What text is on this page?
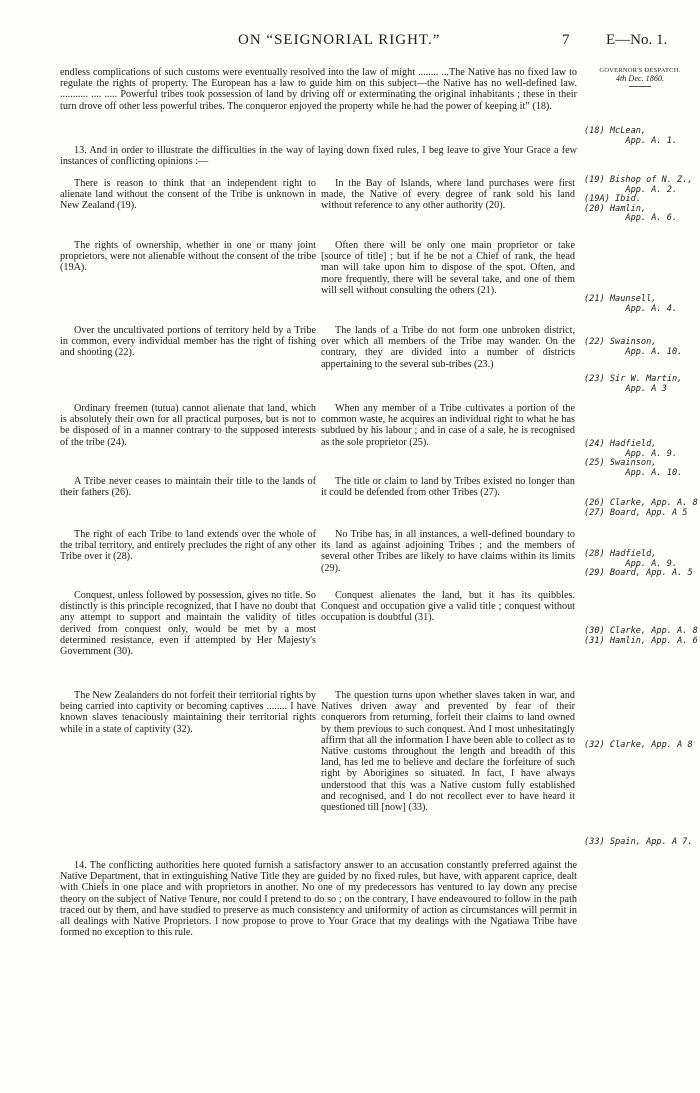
ON “SEIGNORIAL RIGHT.”	7 E—No. 1.
GOVERNOR'S DESPATCH.
4th Dec. 1860.

endless complications of such customs were eventually resolved into the law of might ........ ...The Native has no fixed law to regulate the rights of property. The European has a law to guide him on this subject—the Native has no well-defined law. ........... .... ..... Powerful tribes took possession of land by driving off or exterminating the original inhabitants ; these in their turn drove off other less powerful tribes. The conqueror enjoyed the property while he had the power of keeping it” (18).

13. And in order to illustrate the difficulties in the way of laying down fixed rules, I beg leave to give Your Grace a few instances of conflicting opinions :—

There is reason to think that an independent right to alienate land without the consent of the Tribe is unknown in New Zealand (19).

In the Bay of Islands, where land purchases were first made, the Native of every degree of rank sold his land without reference to any other authority (20).

The rights of ownership, whether in one or many joint proprietors, were not alienable without the consent of the tribe (19A).

Often there will be only one main proprietor or take [source of title] ; but if he be not a Chief of rank, the head man will take upon him to dispose of the spot. Often, and more frequently, there will be several take, and one of them will sell without consulting the others (21).

Over the uncultivated portions of territory held by a Tribe in common, every individual member has the right of fishing and shooting (22).

The lands of a Tribe do not form one unbroken district, over which all members of the Tribe may wander. On the contrary, they are divided into a number of districts appertaining to the several sub-tribes (23.)

Ordinary freemen (tutua) cannot alienate that land, which is absolutely their own for all practical purposes, but is not to be disposed of in a manner contrary to the supposed interests of the tribe (24).

When any member of a Tribe cultivates a portion of the common waste, he acquires an individual right to what he has subdued by his labour ; and in case of a sale, he is recognised as the sole proprietor (25).

A Tribe never ceases to maintain their title to the lands of their fathers (26).

The title or claim to land by Tribes existed no longer than it could be defended from other Tribes (27).

The right of each Tribe to land extends over the whole of the tribal territory, and entirely precludes the right of any other Tribe over it (28).

No Tribe has, in all instances, a well-defined boundary to its land as against adjoining Tribes ; and the members of several other Tribes are likely to have claims within its limits (29).

Conquest, unless followed by possession, gives no title. So distinctly is this principle recognized, that I have no doubt that any attempt to support and maintain the validity of titles derived from conquest only, would be met by a most determined resistance, even if attempted by Her Majesty's Government (30).

Conquest alienates the land, but it has its quibbles. Conquest and occupation give a valid title ; conquest without occupation is doubtful (31).

The New Zealanders do not forfeit their territorial rights by being carried into captivity or becoming captives ........ I have known slaves tenaciously maintaining their territorial rights while in a state of captivity (32).

The question turns upon whether slaves taken in war, and Natives driven away and prevented by fear of their conquerors from returning, forfeit their claims to land owned by them previous to such conquest. And I most unhesitatingly affirm that all the information I have been able to collect as to Native customs throughout the length and breadth of this land, has led me to believe and declare the forfeiture of such right by Aborigines so situated. In fact, I have always understood that this was a Native custom fully established and recognised, and I do not recollect ever to have heard it questioned till [now] (33).

14. The conflicting authorities here quoted furnish a satisfactory answer to an accusation constantly preferred against the Native Department, that in extinguishing Native Title they are guided by no fixed rules, but have, with apparent caprice, dealt with Chiefs in one place and with proprietors in another. No one of my predecessors has ventured to lay down any precise theory on the subject of Native Tenure, nor could I pretend to do so ; on the contrary, I have endeavoured to follow in the path traced out by them, and have studied to preserve as much consistency and uniformity of action as circumstances will permit in all dealings with Native Proprietors. I now propose to prove to Your Grace that my dealings with the Ngatiawa Tribe have formed no exception to this rule.

(18) McLean,
App. A. 1.
(19) Bishop of N. Z.,
App. A. 2.
(19A) Ibid.
(20) Hamlin,
App. A. 6.
(21) Maunsell,
App. A. 4.
(22) Swainson,
App. A. 10.
(23) Sir W. Martin,
App. A 3
(24) Hadfield,
App. A. 9.
(25) Swainson,
App. A. 10.
(26) Clarke, App. A. 8
(27) Board, App. A 5
(28) Hadfield,
App. A. 9.
(29) Board, App. A. 5
(30) Clarke, App. A. 8
(31) Hamlin, App. A. 6
(32) Clarke, App. A 8
(33) Spain, App. A 7.
